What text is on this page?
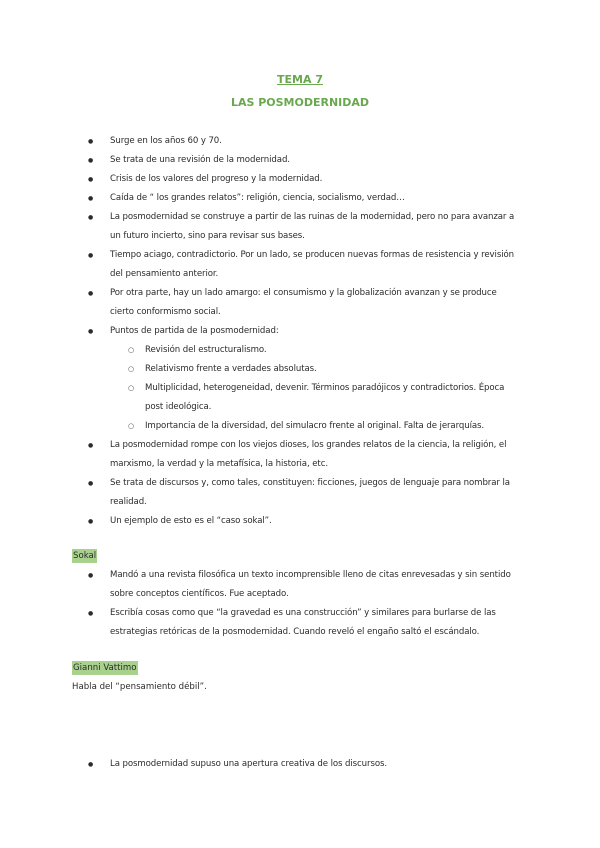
TEMA 7
LAS POSMODERNIDAD
● Surge en los años 60 y 70.
● Se trata de una revisión de la modernidad.
● Crisis de los valores del progreso y la modernidad.
● Caída de “ los grandes relatos”: religión, ciencia, socialismo, verdad…
● La posmodernidad se construye a partir de las ruinas de la modernidad, pero no para avanzar a un futuro incierto, sino para revisar sus bases.
● Tiempo aciago, contradictorio. Por un lado, se producen nuevas formas de resistencia y revisión del pensamiento anterior.
● Por otra parte, hay un lado amargo: el consumismo y la globalización avanzan y se produce cierto conformismo social.
● Puntos de partida de la posmodernidad:
○ Revisión del estructuralismo.
○ Relativismo frente a verdades absolutas.
○ Multiplicidad, heterogeneidad, devenir. Términos paradójicos y contradictorios. Época post ideológica.
○ Importancia de la diversidad, del simulacro frente al original. Falta de jerarquías.
● La posmodernidad rompe con los viejos dioses, los grandes relatos de la ciencia, la religión, el marxismo, la verdad y la metafísica, la historia, etc.
● Se trata de discursos y, como tales, constituyen: ficciones, juegos de lenguaje para nombrar la realidad.
● Un ejemplo de esto es el “caso sokal”.
Sokal
● Mandó a una revista filosófica un texto incomprensible lleno de citas enrevesadas y sin sentido sobre conceptos científicos. Fue aceptado.
● Escribía cosas como que “la gravedad es una construcción” y similares para burlarse de las estrategias retóricas de la posmodernidad. Cuando reveló el engaño saltó el escándalo.
Gianni Vattimo
Habla del “pensamiento débil”.
● La posmodernidad supuso una apertura creativa de los discursos.
